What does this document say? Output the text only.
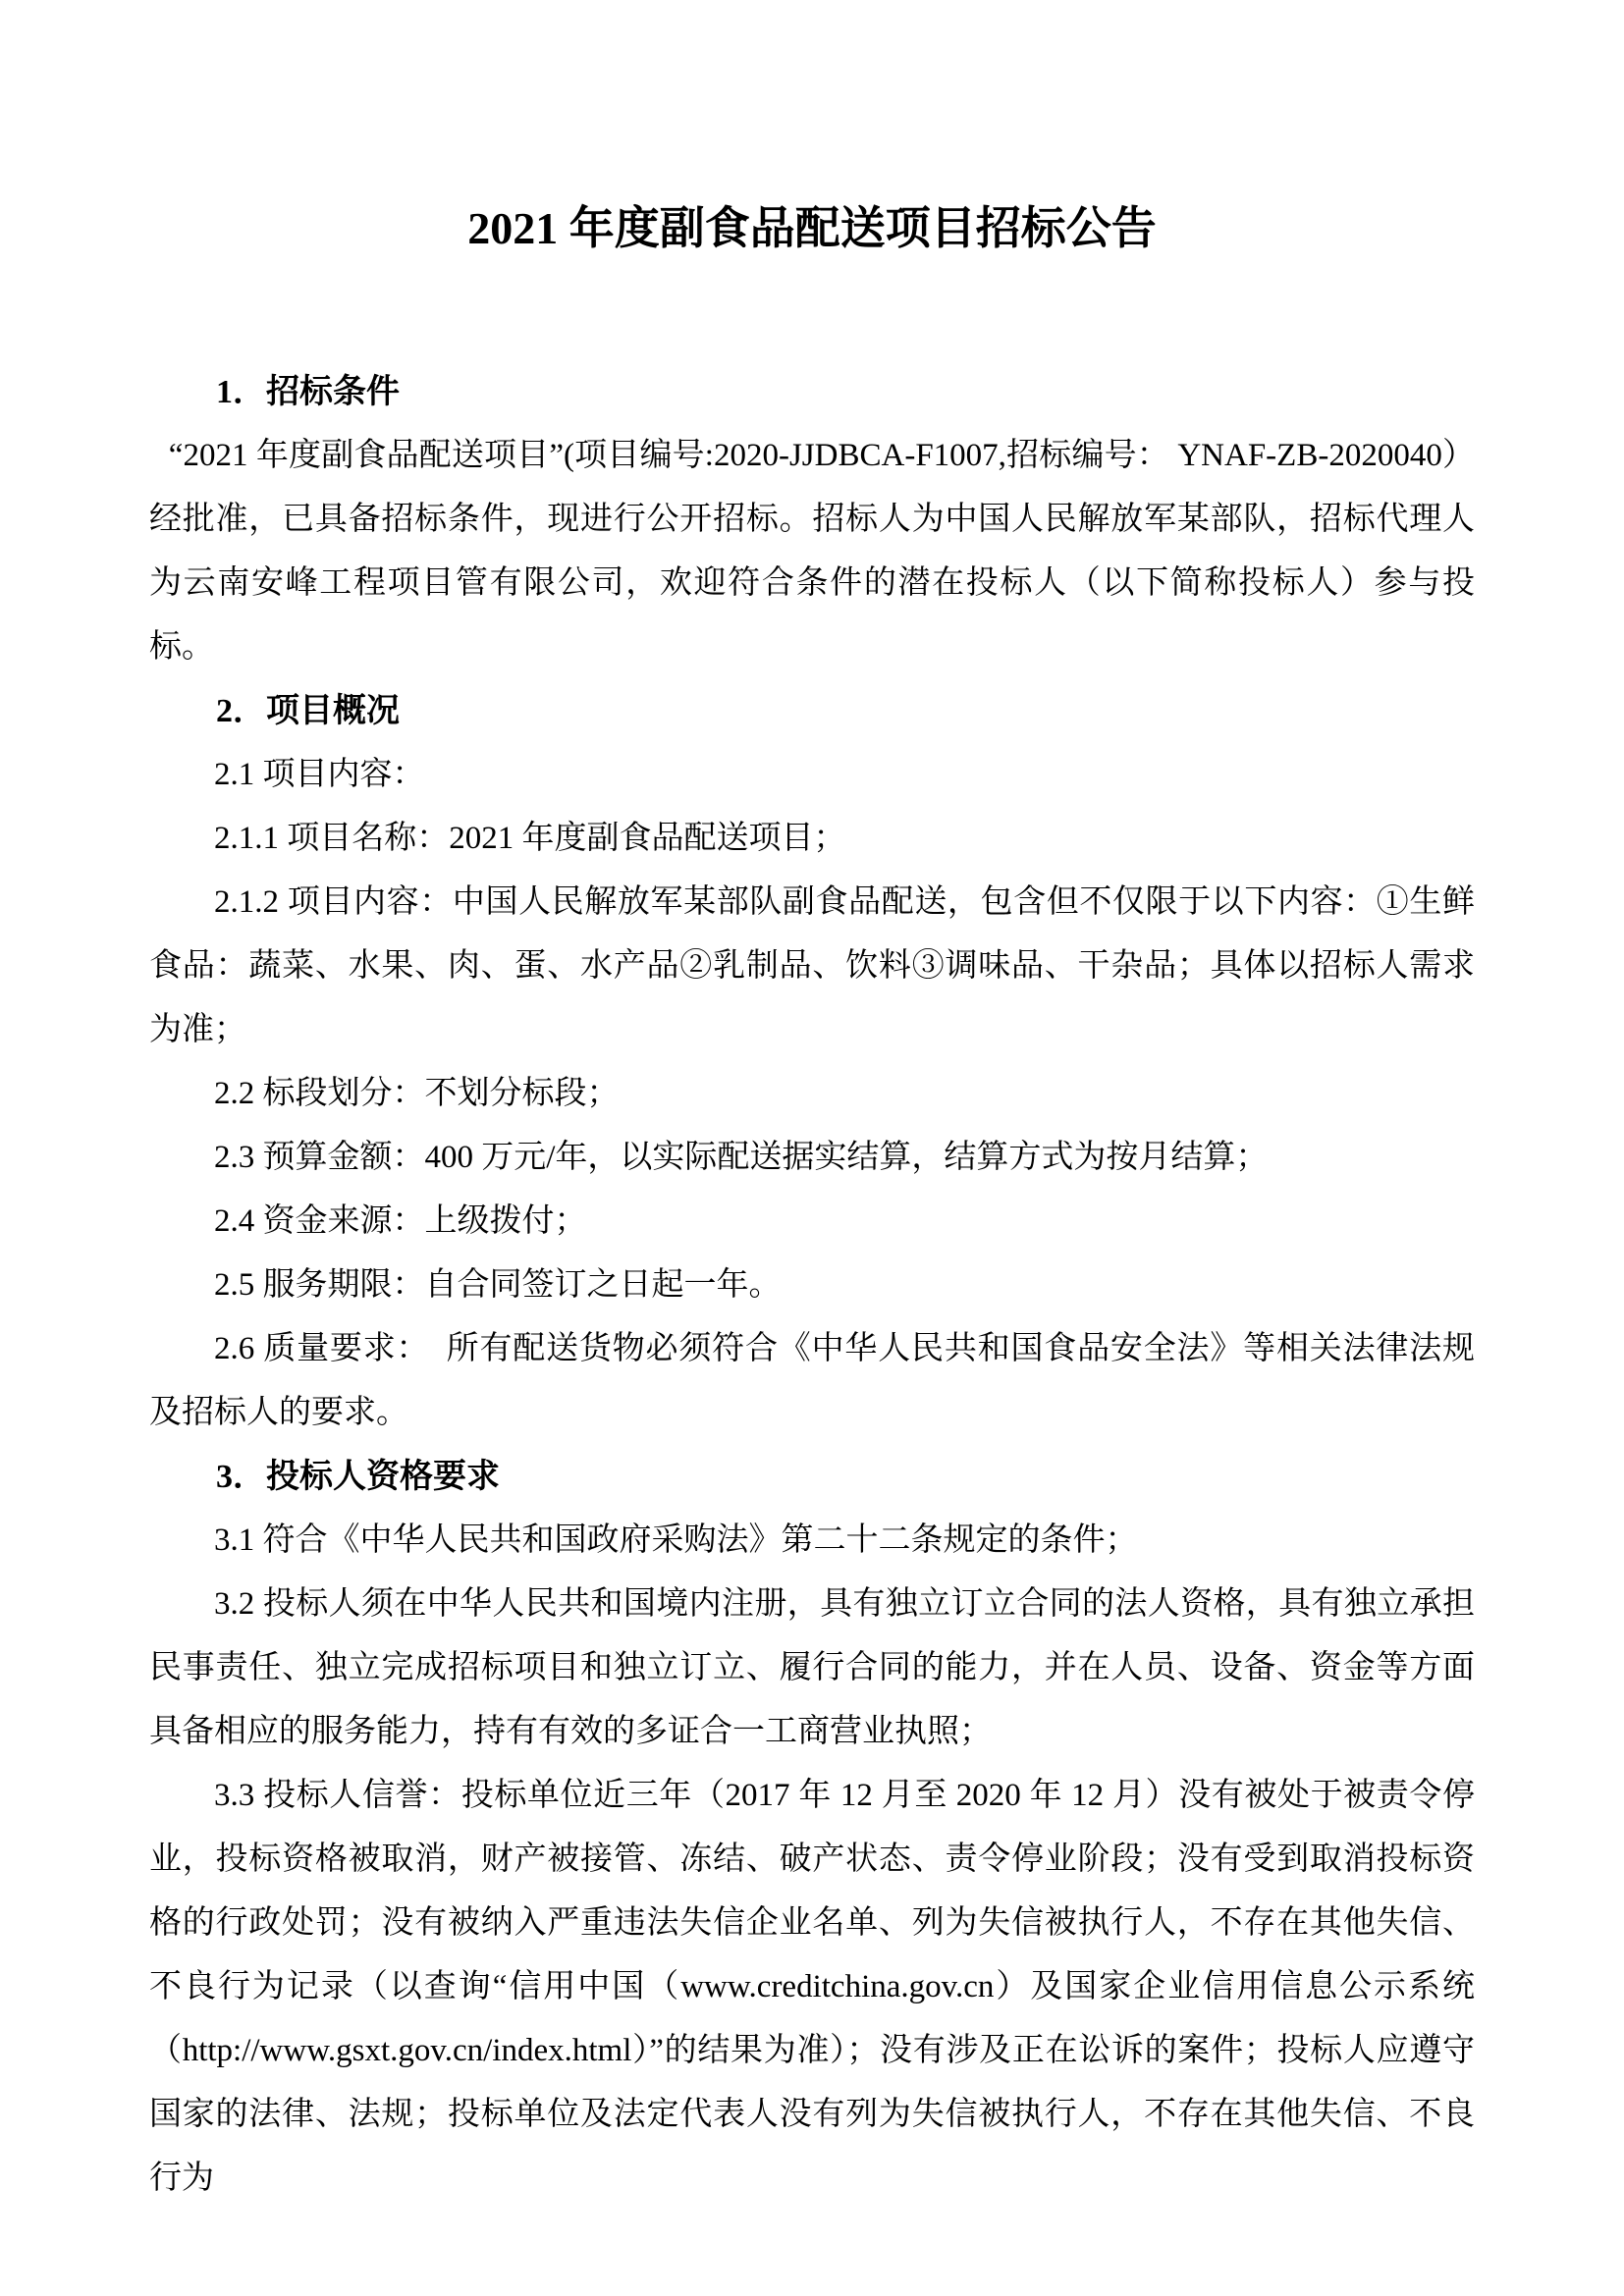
2021 年度副食品配送项目招标公告
1．招标条件

“2021 年度副食品配送项目”(项目编号:2020-JJDBCA-F1007,招标编号： YNAF-ZB-2020040）经批准，已具备招标条件，现进行公开招标。招标人为中国人民解放军某部队，招标代理人为云南安峰工程项目管有限公司，欢迎符合条件的潜在投标人（以下简称投标人）参与投标。

2．项目概况

2.1 项目内容：

2.1.1 项目名称：2021 年度副食品配送项目；

2.1.2 项目内容：中国人民解放军某部队副食品配送，包含但不仅限于以下内容：①生鲜食品：蔬菜、水果、肉、蛋、水产品②乳制品、饮料③调味品、干杂品；具体以招标人需求为准；

2.2 标段划分：不划分标段；

2.3 预算金额：400 万元/年，以实际配送据实结算，结算方式为按月结算；

2.4 资金来源：上级拨付；

2.5 服务期限：自合同签订之日起一年。

2.6 质量要求：　所有配送货物必须符合《中华人民共和国食品安全法》等相关法律法规及招标人的要求。

3．投标人资格要求

3.1 符合《中华人民共和国政府采购法》第二十二条规定的条件；

3.2 投标人须在中华人民共和国境内注册，具有独立订立合同的法人资格，具有独立承担民事责任、独立完成招标项目和独立订立、履行合同的能力，并在人员、设备、资金等方面具备相应的服务能力，持有有效的多证合一工商营业执照；

3.3 投标人信誉：投标单位近三年（2017 年 12 月至 2020 年 12 月）没有被处于被责令停业，投标资格被取消，财产被接管、冻结、破产状态、责令停业阶段；没有受到取消投标资格的行政处罚；没有被纳入严重违法失信企业名单、列为失信被执行人，不存在其他失信、不良行为记录（以查询“信用中国（www.creditchina.gov.cn）及国家企业信用信息公示系统（http://www.gsxt.gov.cn/index.html）”的结果为准）；没有涉及正在讼诉的案件；投标人应遵守国家的法律、法规；投标单位及法定代表人没有列为失信被执行人，不存在其他失信、不良行为
